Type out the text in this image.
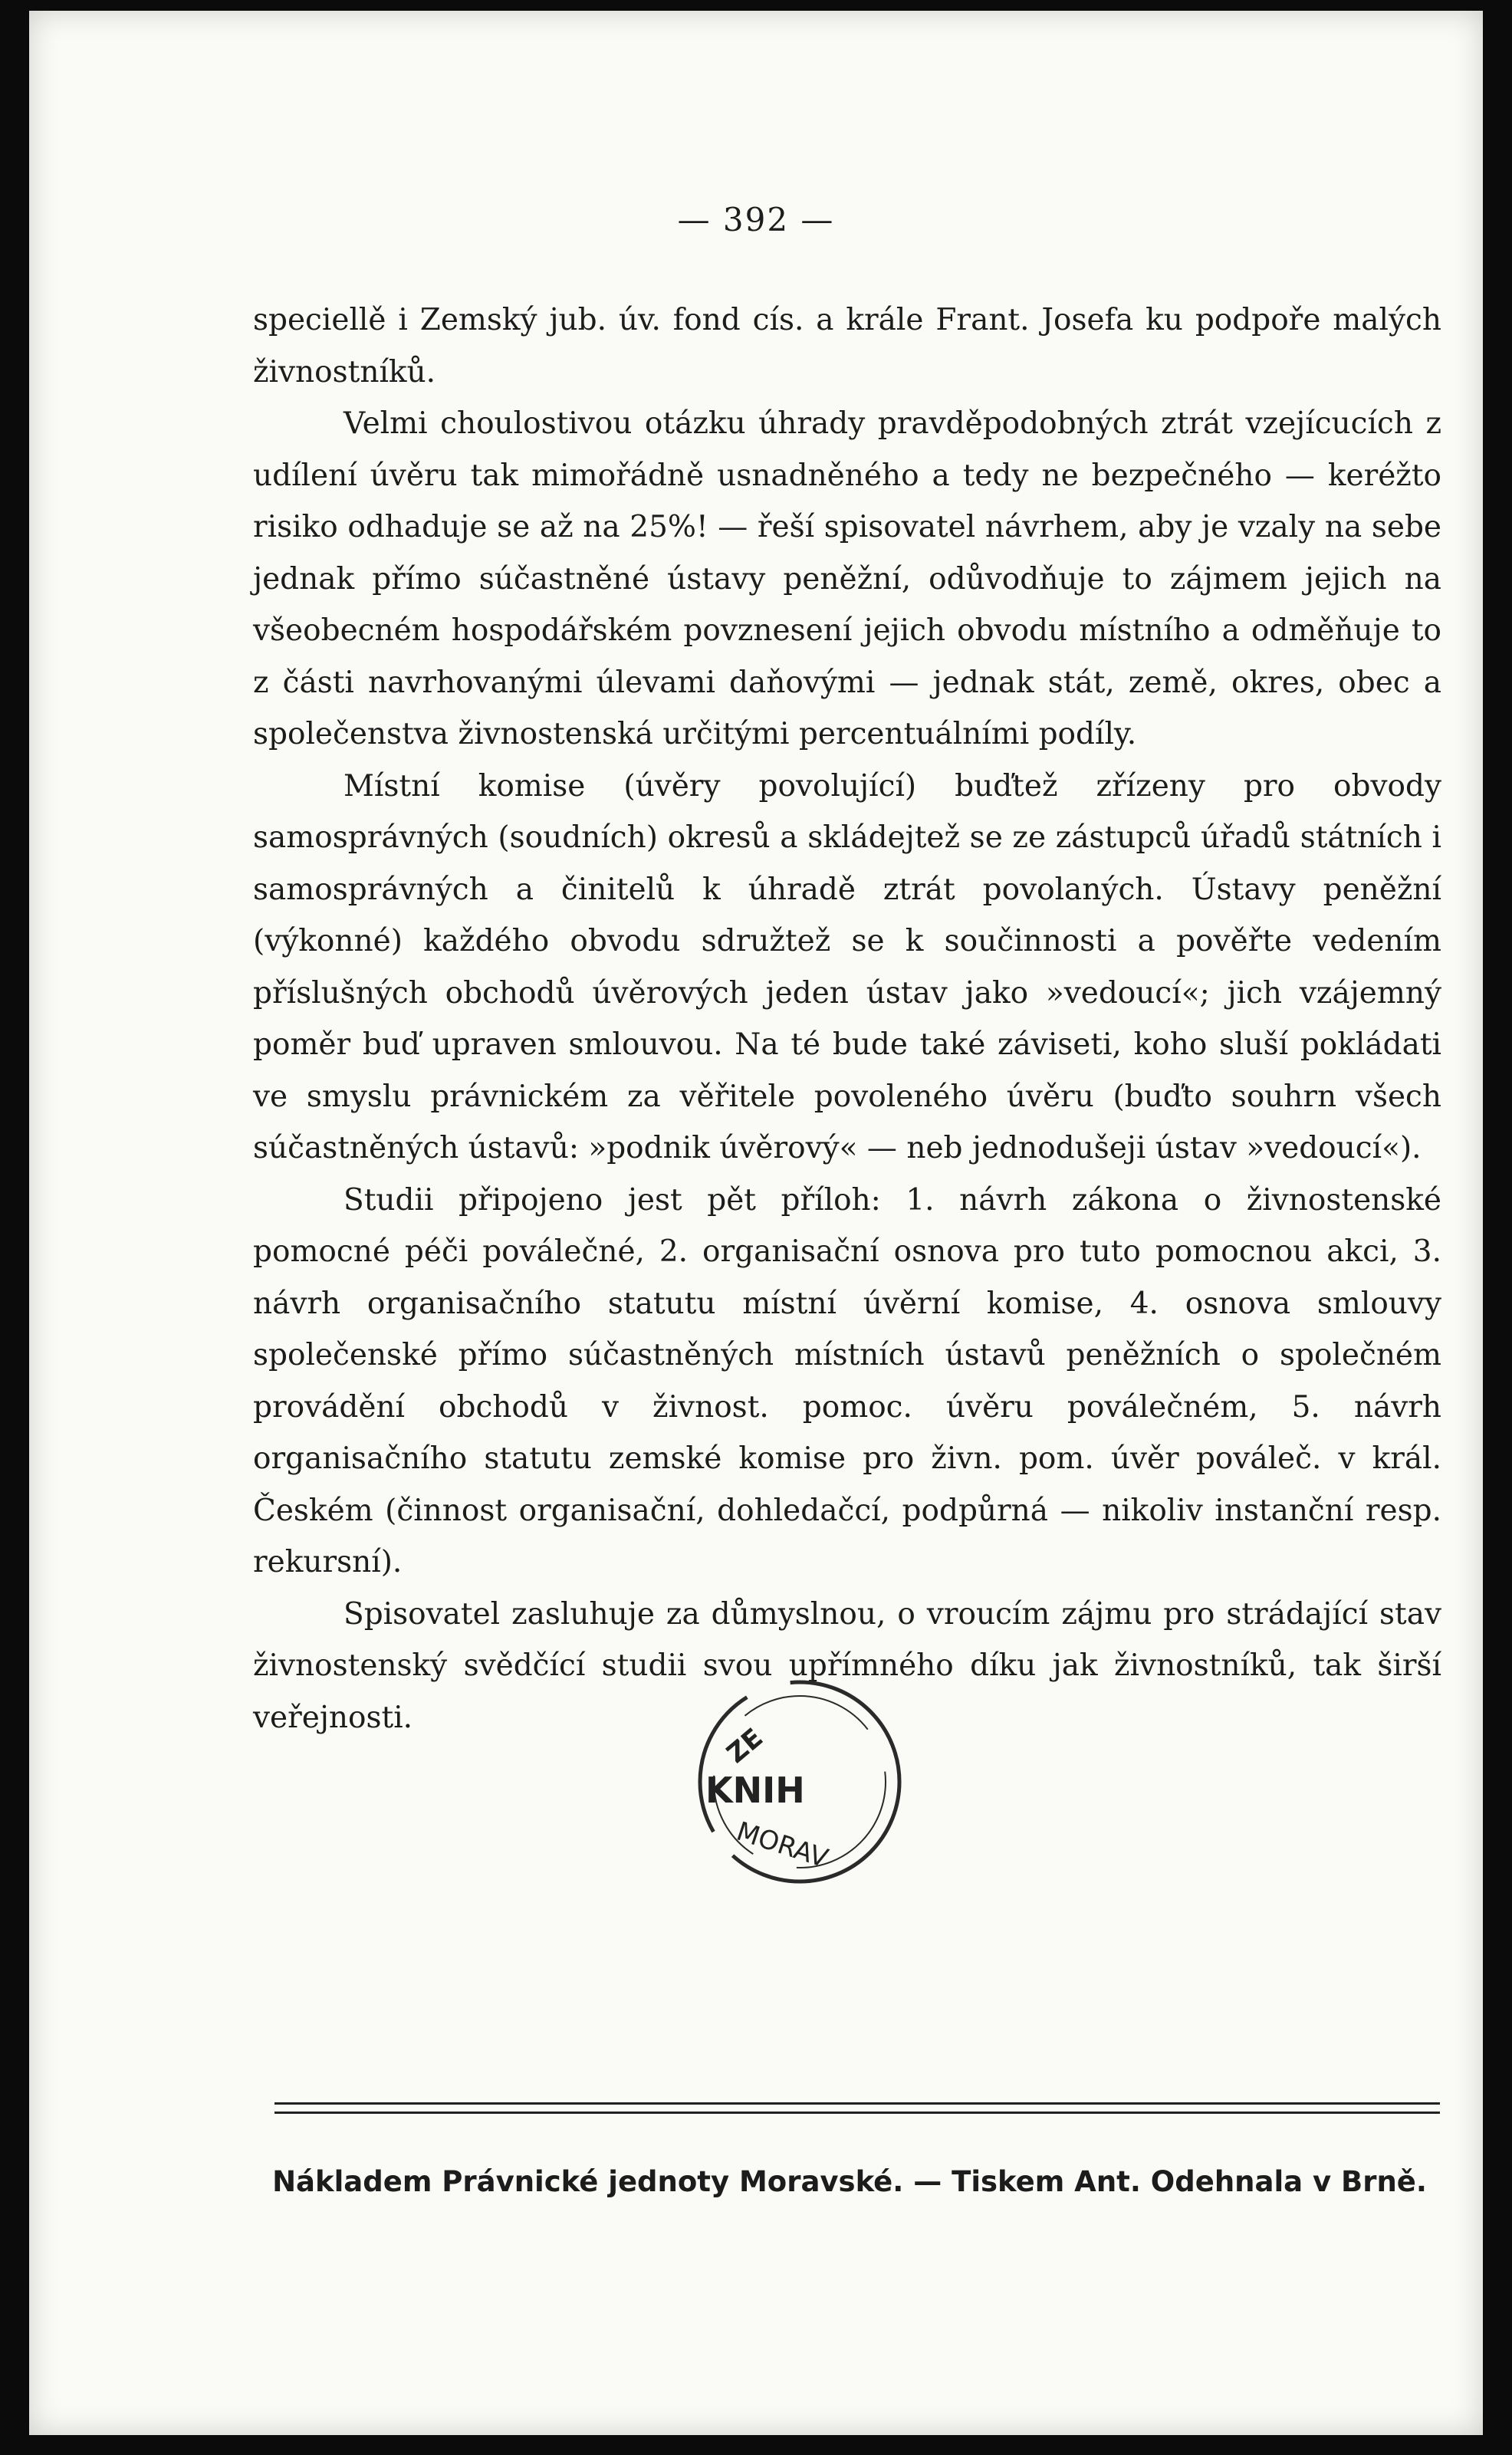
— 392 —

speciellě i Zemský jub. úv. fond cís. a krále Frant. Josefa ku podpoře malých živnostníků.

Velmi choulostivou otázku úhrady pravděpodobných ztrát vzejícucích z udílení úvěru tak mimořádně usnadněného a tedy ne bezpečného — keréžto risiko odhaduje se až na 25%! — řeší spisovatel návrhem, aby je vzaly na sebe jednak přímo súčastněné ústavy peněžní, odůvodňuje to zájmem jejich na všeobecném hospodářském povznesení jejich obvodu místního a odměňuje to z části navrhovanými úlevami daňovými — jednak stát, země, okres, obec a společenstva živnostenská určitými percentuálními podíly.

Místní komise (úvěry povolující) buďtež zřízeny pro obvody samosprávných (soudních) okresů a skládejtež se ze zástupců úřadů státních i samosprávných a činitelů k úhradě ztrát povolaných. Ústavy peněžní (výkonné) každého obvodu sdružtež se k součinnosti a pověřte vedením příslušných obchodů úvěrových jeden ústav jako »vedoucí«; jich vzájemný poměr buď upraven smlouvou. Na té bude také záviseti, koho sluší pokládati ve smyslu právnickém za věřitele povoleného úvěru (buďto souhrn všech súčastněných ústavů: »podnik úvěrový« — neb jednodušeji ústav »vedoucí«).

Studii připojeno jest pět příloh: 1. návrh zákona o živnostenské pomocné péči poválečné, 2. organisační osnova pro tuto pomocnou akci, 3. návrh organisačního statutu místní úvěrní komise, 4. osnova smlouvy společenské přímo súčastněných místních ústavů peněžních o společném provádění obchodů v živnost. pomoc. úvěru poválečném, 5. návrh organisačního statutu zemské komise pro živn. pom. úvěr pováleč. v král. Českém (činnost organisační, dohledačcí, podpůrná — nikoliv instanční resp. rekursní).

Spisovatel zasluhuje za důmyslnou, o vroucím zájmu pro strádající stav živnostenský svědčící studii svou upřímného díku jak živnostníků, tak širší veřejnosti.

ZE
KNIH
MORAV
Nákladem Právnické jednoty Moravské. — Tiskem Ant. Odehnala v Brně.
